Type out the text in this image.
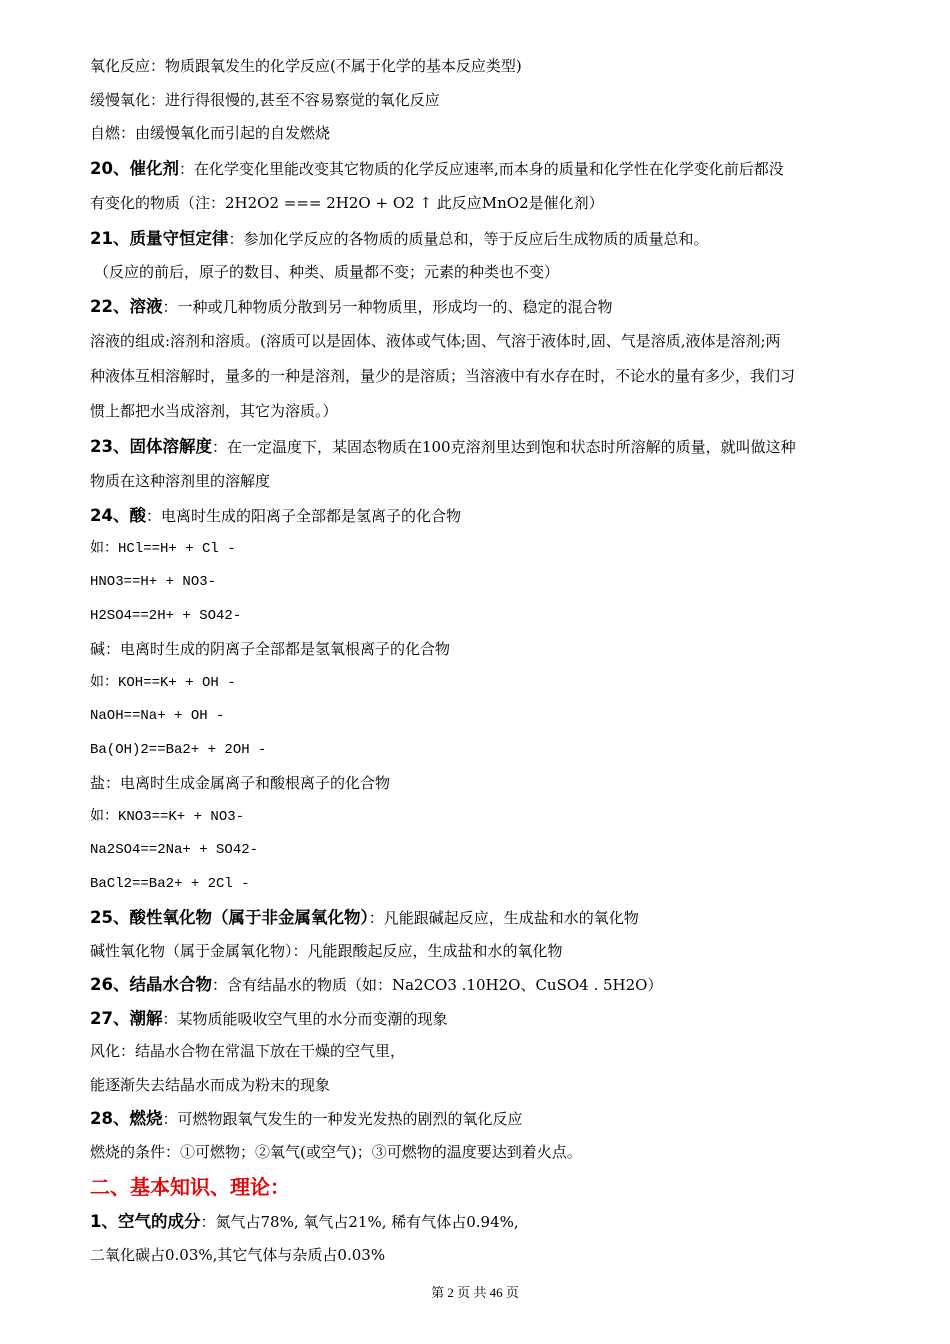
氧化反应：物质跟氧发生的化学反应(不属于化学的基本反应类型)
缓慢氧化：进行得很慢的,甚至不容易察觉的氧化反应
自燃：由缓慢氧化而引起的自发燃烧
20、催化剂：在化学变化里能改变其它物质的化学反应速率,而本身的质量和化学性在化学变化前后都没
有变化的物质（注：2H2O2 === 2H2O + O2 ↑ 此反应MnO2是催化剂）
21、质量守恒定律：参加化学反应的各物质的质量总和，等于反应后生成物质的质量总和。
（反应的前后，原子的数目、种类、质量都不变；元素的种类也不变）
22、溶液：一种或几种物质分散到另一种物质里，形成均一的、稳定的混合物
溶液的组成:溶剂和溶质。(溶质可以是固体、液体或气体;固、气溶于液体时,固、气是溶质,液体是溶剂;两
种液体互相溶解时，量多的一种是溶剂，量少的是溶质；当溶液中有水存在时，不论水的量有多少，我们习
惯上都把水当成溶剂，其它为溶质。）
23、固体溶解度：在一定温度下，某固态物质在100克溶剂里达到饱和状态时所溶解的质量，就叫做这种
物质在这种溶剂里的溶解度
24、酸：电离时生成的阳离子全部都是氢离子的化合物
如：HCl==H+ + Cl -
HNO3==H+ + NO3-
H2SO4==2H+ + SO42-
碱：电离时生成的阴离子全部都是氢氧根离子的化合物
如：KOH==K+ + OH -
NaOH==Na+ + OH -
Ba(OH)2==Ba2+ + 2OH -
盐：电离时生成金属离子和酸根离子的化合物
如：KNO3==K+ + NO3-
Na2SO4==2Na+ + SO42-
BaCl2==Ba2+ + 2Cl -
25、酸性氧化物（属于非金属氧化物）：凡能跟碱起反应，生成盐和水的氧化物
碱性氧化物（属于金属氧化物）：凡能跟酸起反应，生成盐和水的氧化物
26、结晶水合物：含有结晶水的物质（如：Na2CO3 .10H2O、CuSO4 . 5H2O）
27、潮解：某物质能吸收空气里的水分而变潮的现象
风化：结晶水合物在常温下放在干燥的空气里，
能逐渐失去结晶水而成为粉末的现象
28、燃烧：可燃物跟氧气发生的一种发光发热的剧烈的氧化反应
燃烧的条件：①可燃物；②氧气(或空气)；③可燃物的温度要达到着火点。
二、基本知识、理论：
1、空气的成分：氮气占78%, 氧气占21%, 稀有气体占0.94%,
二氧化碳占0.03%,其它气体与杂质占0.03%
第 2 页 共 46 页
